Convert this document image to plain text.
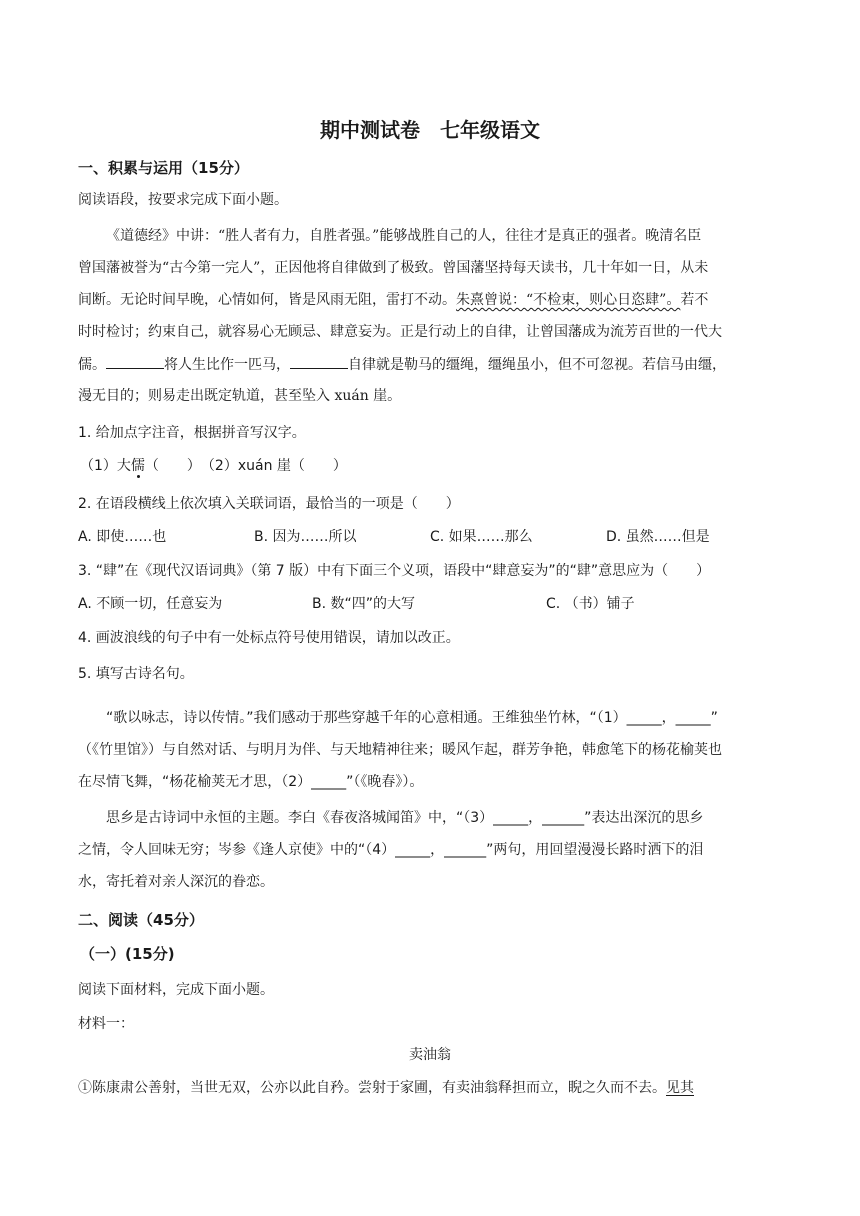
期中测试卷　七年级语文
一、积累与运用（15分）
阅读语段，按要求完成下面小题。
《道德经》中讲：“胜人者有力，自胜者强。”能够战胜自己的人，往往才是真正的强者。晚清名臣
曾国藩被誉为“古今第一完人”，正因他将自律做到了极致。曾国藩坚持每天读书，几十年如一日，从未
间断。无论时间早晚，心情如何，皆是风雨无阻，雷打不动。朱熹曾说：“不检束，则心日恣肆”。若不
时时检讨；约束自己，就容易心无顾忌、肆意妄为。正是行动上的自律，让曾国藩成为流芳百世的一代大
儒。	将人生比作一匹马，	自律就是勒马的缰绳，缰绳虽小，但不可忽视。若信马由缰，
漫无目的；则易走出既定轨道，甚至坠入 xuán 崖。
1. 给加点字注音，根据拼音写汉字。
（1）大儒（　　）　（2）xuán 崖（　　）
2. 在语段横线上依次填入关联词语，最恰当的一项是（　　）
A. 即使……也	B. 因为……所以	C. 如果……那么	D. 虽然……但是
3. “肆”在《现代汉语词典》（第 7 版）中有下面三个义项，语段中“肆意妄为”的“肆”意思应为（　　）
A. 不顾一切，任意妄为	B. 数“四”的大写	C. （书）铺子
4. 画波浪线的句子中有一处标点符号使用错误，请加以改正。
5. 填写古诗名句。
“歌以咏志，诗以传情。”我们感动于那些穿越千年的心意相通。王维独坐竹林，“（1）_____，_____”
（《竹里馆》）与自然对话、与明月为伴、与天地精神往来；暖风乍起，群芳争艳，韩愈笔下的杨花榆荚也
在尽情飞舞，“杨花榆荚无才思，（2）_____”（《晚春》）。
思乡是古诗词中永恒的主题。李白《春夜洛城闻笛》中，“（3）_____，______”表达出深沉的思乡
之情，令人回味无穷；岑参《逢人京使》中的“（4）_____，______”两句，用回望漫漫长路时洒下的泪
水，寄托着对亲人深沉的眷恋。
二、阅读（45分）
（一）(15分)
阅读下面材料，完成下面小题。
材料一：
卖油翁
①陈康肃公善射，当世无双，公亦以此自矜。尝射于家圃，有卖油翁释担而立，睨之久而不去。见其
